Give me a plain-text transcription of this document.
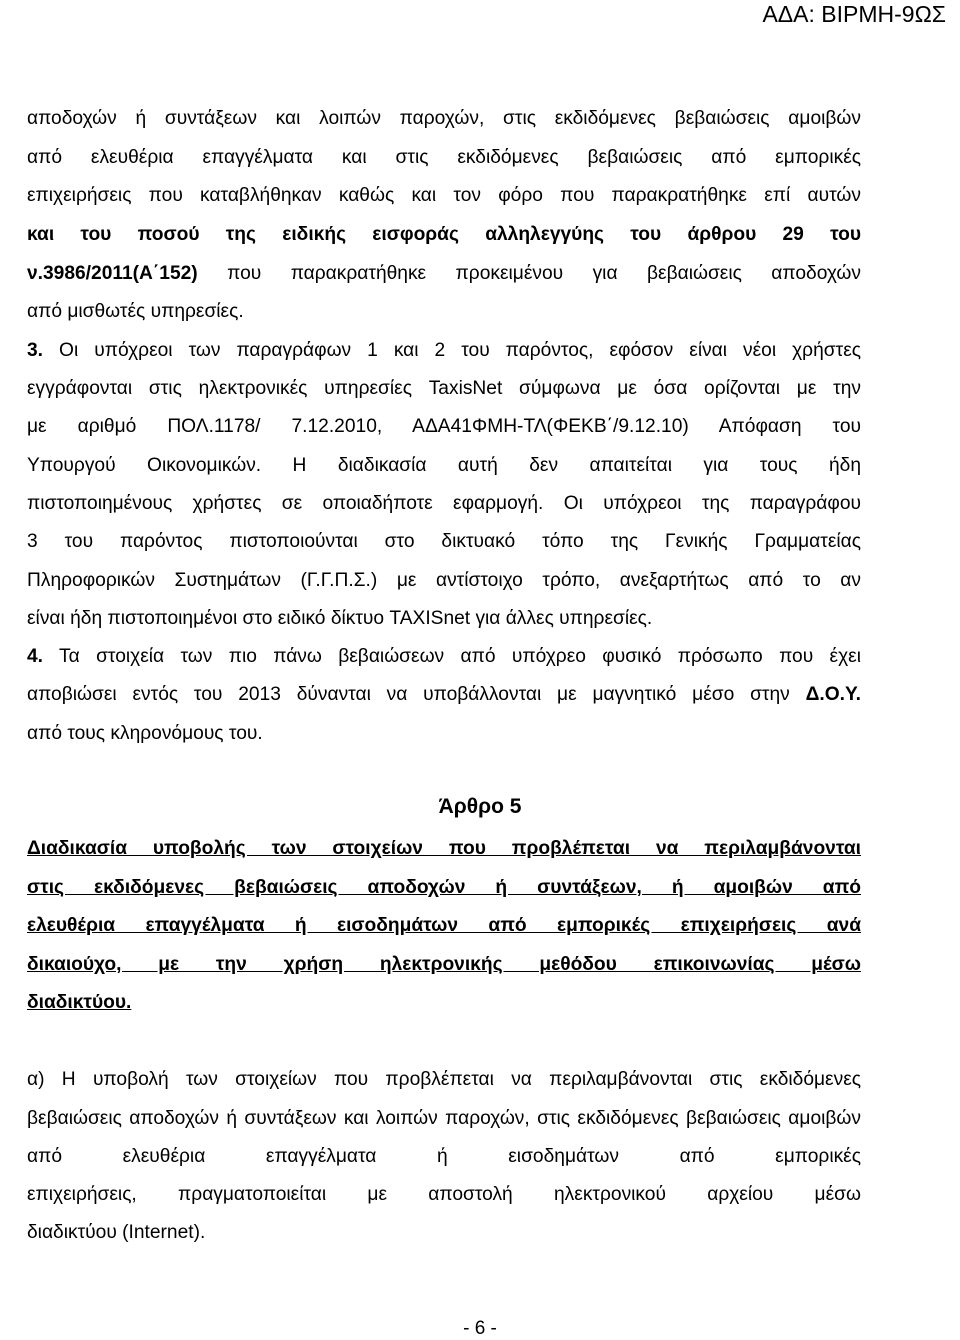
ΑΔΑ: ΒΙΡΜΗ-9ΩΣ
αποδοχών ή συντάξεων και λοιπών παροχών, στις εκδιδόμενες βεβαιώσεις αμοιβών
από ελευθέρια επαγγέλματα και στις εκδιδόμενες βεβαιώσεις από εμπορικές
επιχειρήσεις που καταβλήθηκαν καθώς και τον φόρο που παρακρατήθηκε επί αυτών
και του ποσού της ειδικής εισφοράς αλληλεγγύης του άρθρου 29 του
ν.3986/2011(Α΄152) που παρακρατήθηκε προκειμένου για βεβαιώσεις αποδοχών
από μισθωτές υπηρεσίες.
3. Οι υπόχρεοι των παραγράφων 1 και 2 του παρόντος, εφόσον είναι νέοι χρήστες
εγγράφονται στις ηλεκτρονικές υπηρεσίες TaxisNet σύμφωνα με όσα ορίζονται με την
με αριθμό ΠΟΛ.1178/ 7.12.2010, ΑΔΑ41ΦΜΗ-ΤΛ(ΦΕΚΒ΄/9.12.10) Απόφαση του
Υπουργού Οικονομικών. Η διαδικασία αυτή δεν απαιτείται για τους ήδη
πιστοποιημένους χρήστες σε οποιαδήποτε εφαρμογή. Οι υπόχρεοι της παραγράφου
3 του παρόντος πιστοποιούνται στο δικτυακό τόπο της Γενικής Γραμματείας
Πληροφορικών Συστημάτων (Γ.Γ.Π.Σ.) με αντίστοιχο τρόπο, ανεξαρτήτως από το αν
είναι ήδη πιστοποιημένοι στο ειδικό δίκτυο TAXISnet για άλλες υπηρεσίες.
4. Τα στοιχεία των πιο πάνω βεβαιώσεων από υπόχρεο φυσικό πρόσωπο που έχει
αποβιώσει εντός του 2013 δύνανται να υποβάλλονται με μαγνητικό μέσο στην Δ.Ο.Υ.
από τους κληρονόμους του.
Άρθρο 5
Διαδικασία υποβολής των στοιχείων που προβλέπεται να περιλαμβάνονται
στις εκδιδόμενες βεβαιώσεις αποδοχών ή συντάξεων, ή αμοιβών από
ελευθέρια επαγγέλματα ή εισοδημάτων από εμπορικές επιχειρήσεις ανά
δικαιούχο, με την χρήση ηλεκτρονικής μεθόδου επικοινωνίας μέσω
διαδικτύου.
α) Η υποβολή των στοιχείων που προβλέπεται να περιλαμβάνονται στις εκδιδόμενες
βεβαιώσεις αποδοχών ή συντάξεων και λοιπών παροχών, στις εκδιδόμενες βεβαιώσεις αμοιβών
από ελευθέρια επαγγέλματα ή εισοδημάτων από εμπορικές
επιχειρήσεις, πραγματοποιείται με αποστολή ηλεκτρονικού αρχείου μέσω
διαδικτύου (Internet).
- 6 -
